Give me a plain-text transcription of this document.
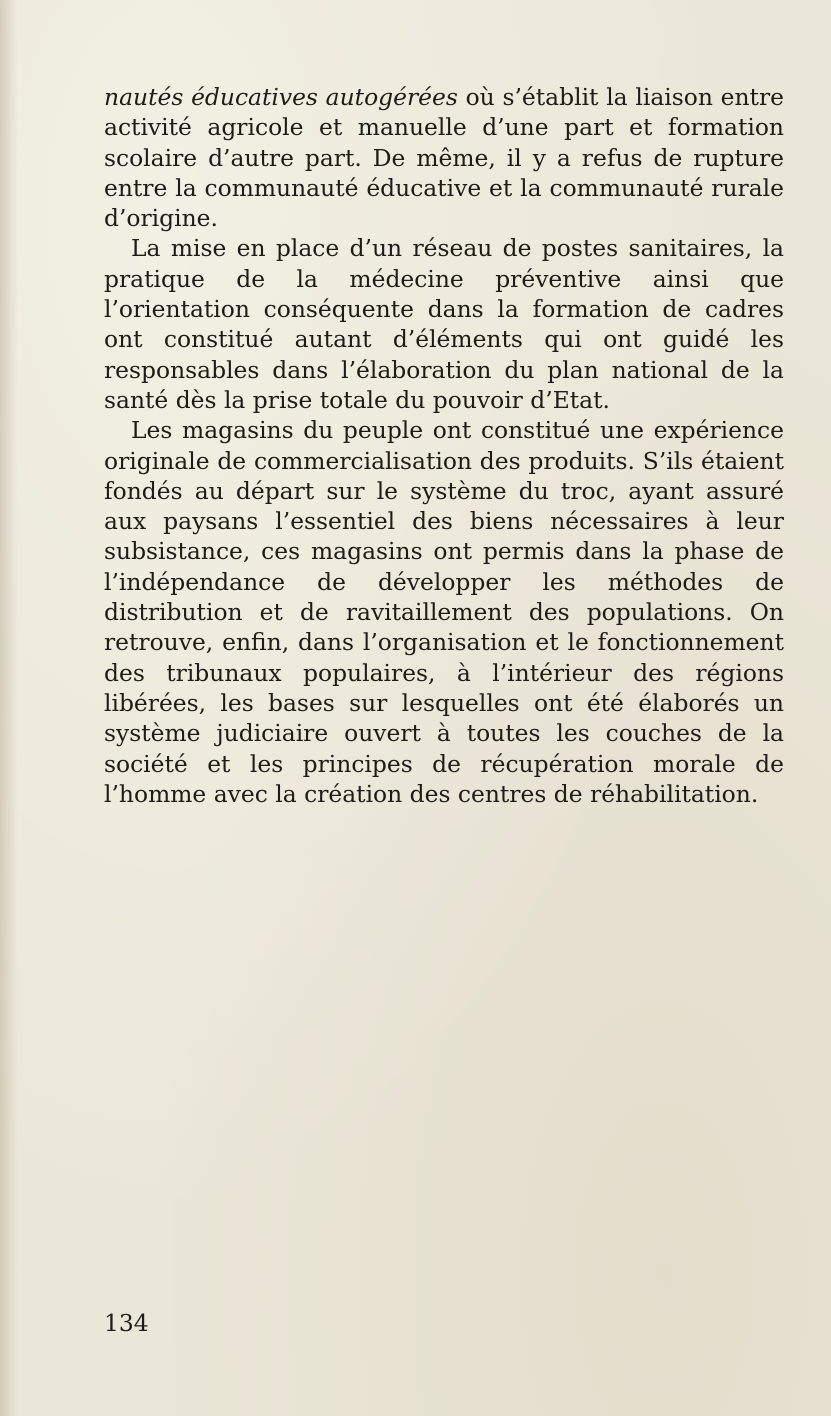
nautés éducatives autogérées où s’établit la liaison entre activité agricole et manuelle d’une part et formation scolaire d’autre part. De même, il y a refus de rupture entre la communauté éducative et la communauté rurale d’origine.

La mise en place d’un réseau de postes sanitaires, la pratique de la médecine préventive ainsi que l’orientation conséquente dans la formation de cadres ont constitué autant d’éléments qui ont guidé les responsables dans l’élaboration du plan national de la santé dès la prise totale du pouvoir d’Etat.

Les magasins du peuple ont constitué une expérience originale de commercialisation des produits. S’ils étaient fondés au départ sur le système du troc, ayant assuré aux paysans l’essentiel des biens nécessaires à leur subsistance, ces magasins ont permis dans la phase de l’indépendance de développer les méthodes de distribution et de ravitaillement des populations. On retrouve, enfin, dans l’organisation et le fonctionnement des tribunaux populaires, à l’intérieur des régions libérées, les bases sur lesquelles ont été élaborés un système judiciaire ouvert à toutes les couches de la société et les principes de récupération morale de l’homme avec la création des centres de réhabilitation.

134
